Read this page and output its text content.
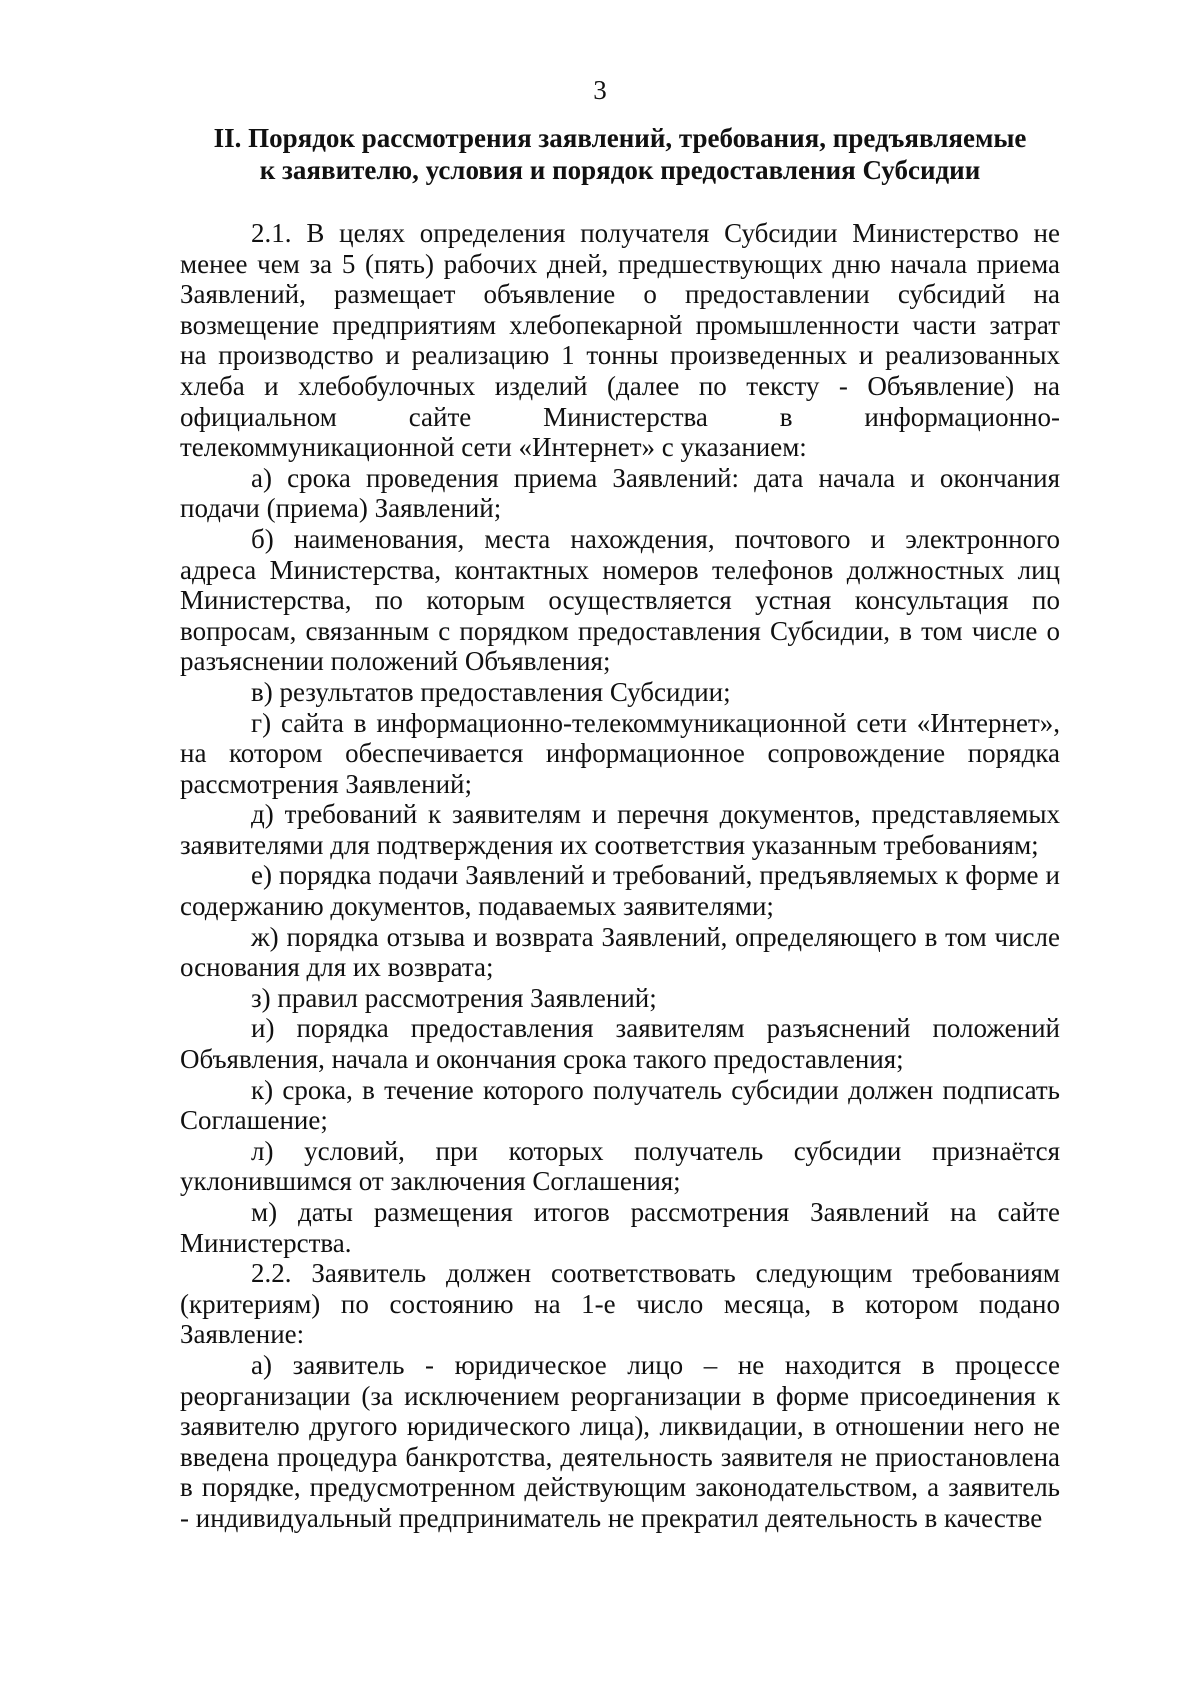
3
II. Порядок рассмотрения заявлений, требования, предъявляемые
к заявителю, условия и порядок предоставления Субсидии

2.1. В целях определения получателя Субсидии Министерство не менее чем за 5 (пять) рабочих дней, предшествующих дню начала приема Заявлений, размещает объявление о предоставлении субсидий на возмещение предприятиям хлебопекарной промышленности части затрат на производство и реализацию 1 тонны произведенных и реализованных хлеба и хлебобулочных изделий (далее по тексту - Объявление) на официальном сайте Министерства в информационно-телекоммуникационной сети «Интернет» с указанием:

а) срока проведения приема Заявлений: дата начала и окончания подачи (приема) Заявлений;

б) наименования, места нахождения, почтового и электронного адреса Министерства, контактных номеров телефонов должностных лиц Министерства, по которым осуществляется устная консультация по вопросам, связанным с порядком предоставления Субсидии, в том числе о разъяснении положений Объявления;

в) результатов предоставления Субсидии;

г) сайта в информационно-телекоммуникационной сети «Интернет», на котором обеспечивается информационное сопровождение порядка рассмотрения Заявлений;

д) требований к заявителям и перечня документов, представляемых заявителями для подтверждения их соответствия указанным требованиям;

е) порядка подачи Заявлений и требований, предъявляемых к форме и содержанию документов, подаваемых заявителями;

ж) порядка отзыва и возврата Заявлений, определяющего в том числе основания для их возврата;

з) правил рассмотрения Заявлений;

и) порядка предоставления заявителям разъяснений положений Объявления, начала и окончания срока такого предоставления;

к) срока, в течение которого получатель субсидии должен подписать Соглашение;

л) условий, при которых получатель субсидии признаётся уклонившимся от заключения Соглашения;

м) даты размещения итогов рассмотрения Заявлений на сайте Министерства.

2.2. Заявитель должен соответствовать следующим требованиям (критериям) по состоянию на 1-е число месяца, в котором подано Заявление:

а) заявитель - юридическое лицо – не находится в процессе реорганизации (за исключением реорганизации в форме присоединения к заявителю другого юридического лица), ликвидации, в отношении него не введена процедура банкротства, деятельность заявителя не приостановлена в порядке, предусмотренном действующим законодательством, а заявитель - индивидуальный предприниматель не прекратил деятельность в качестве
